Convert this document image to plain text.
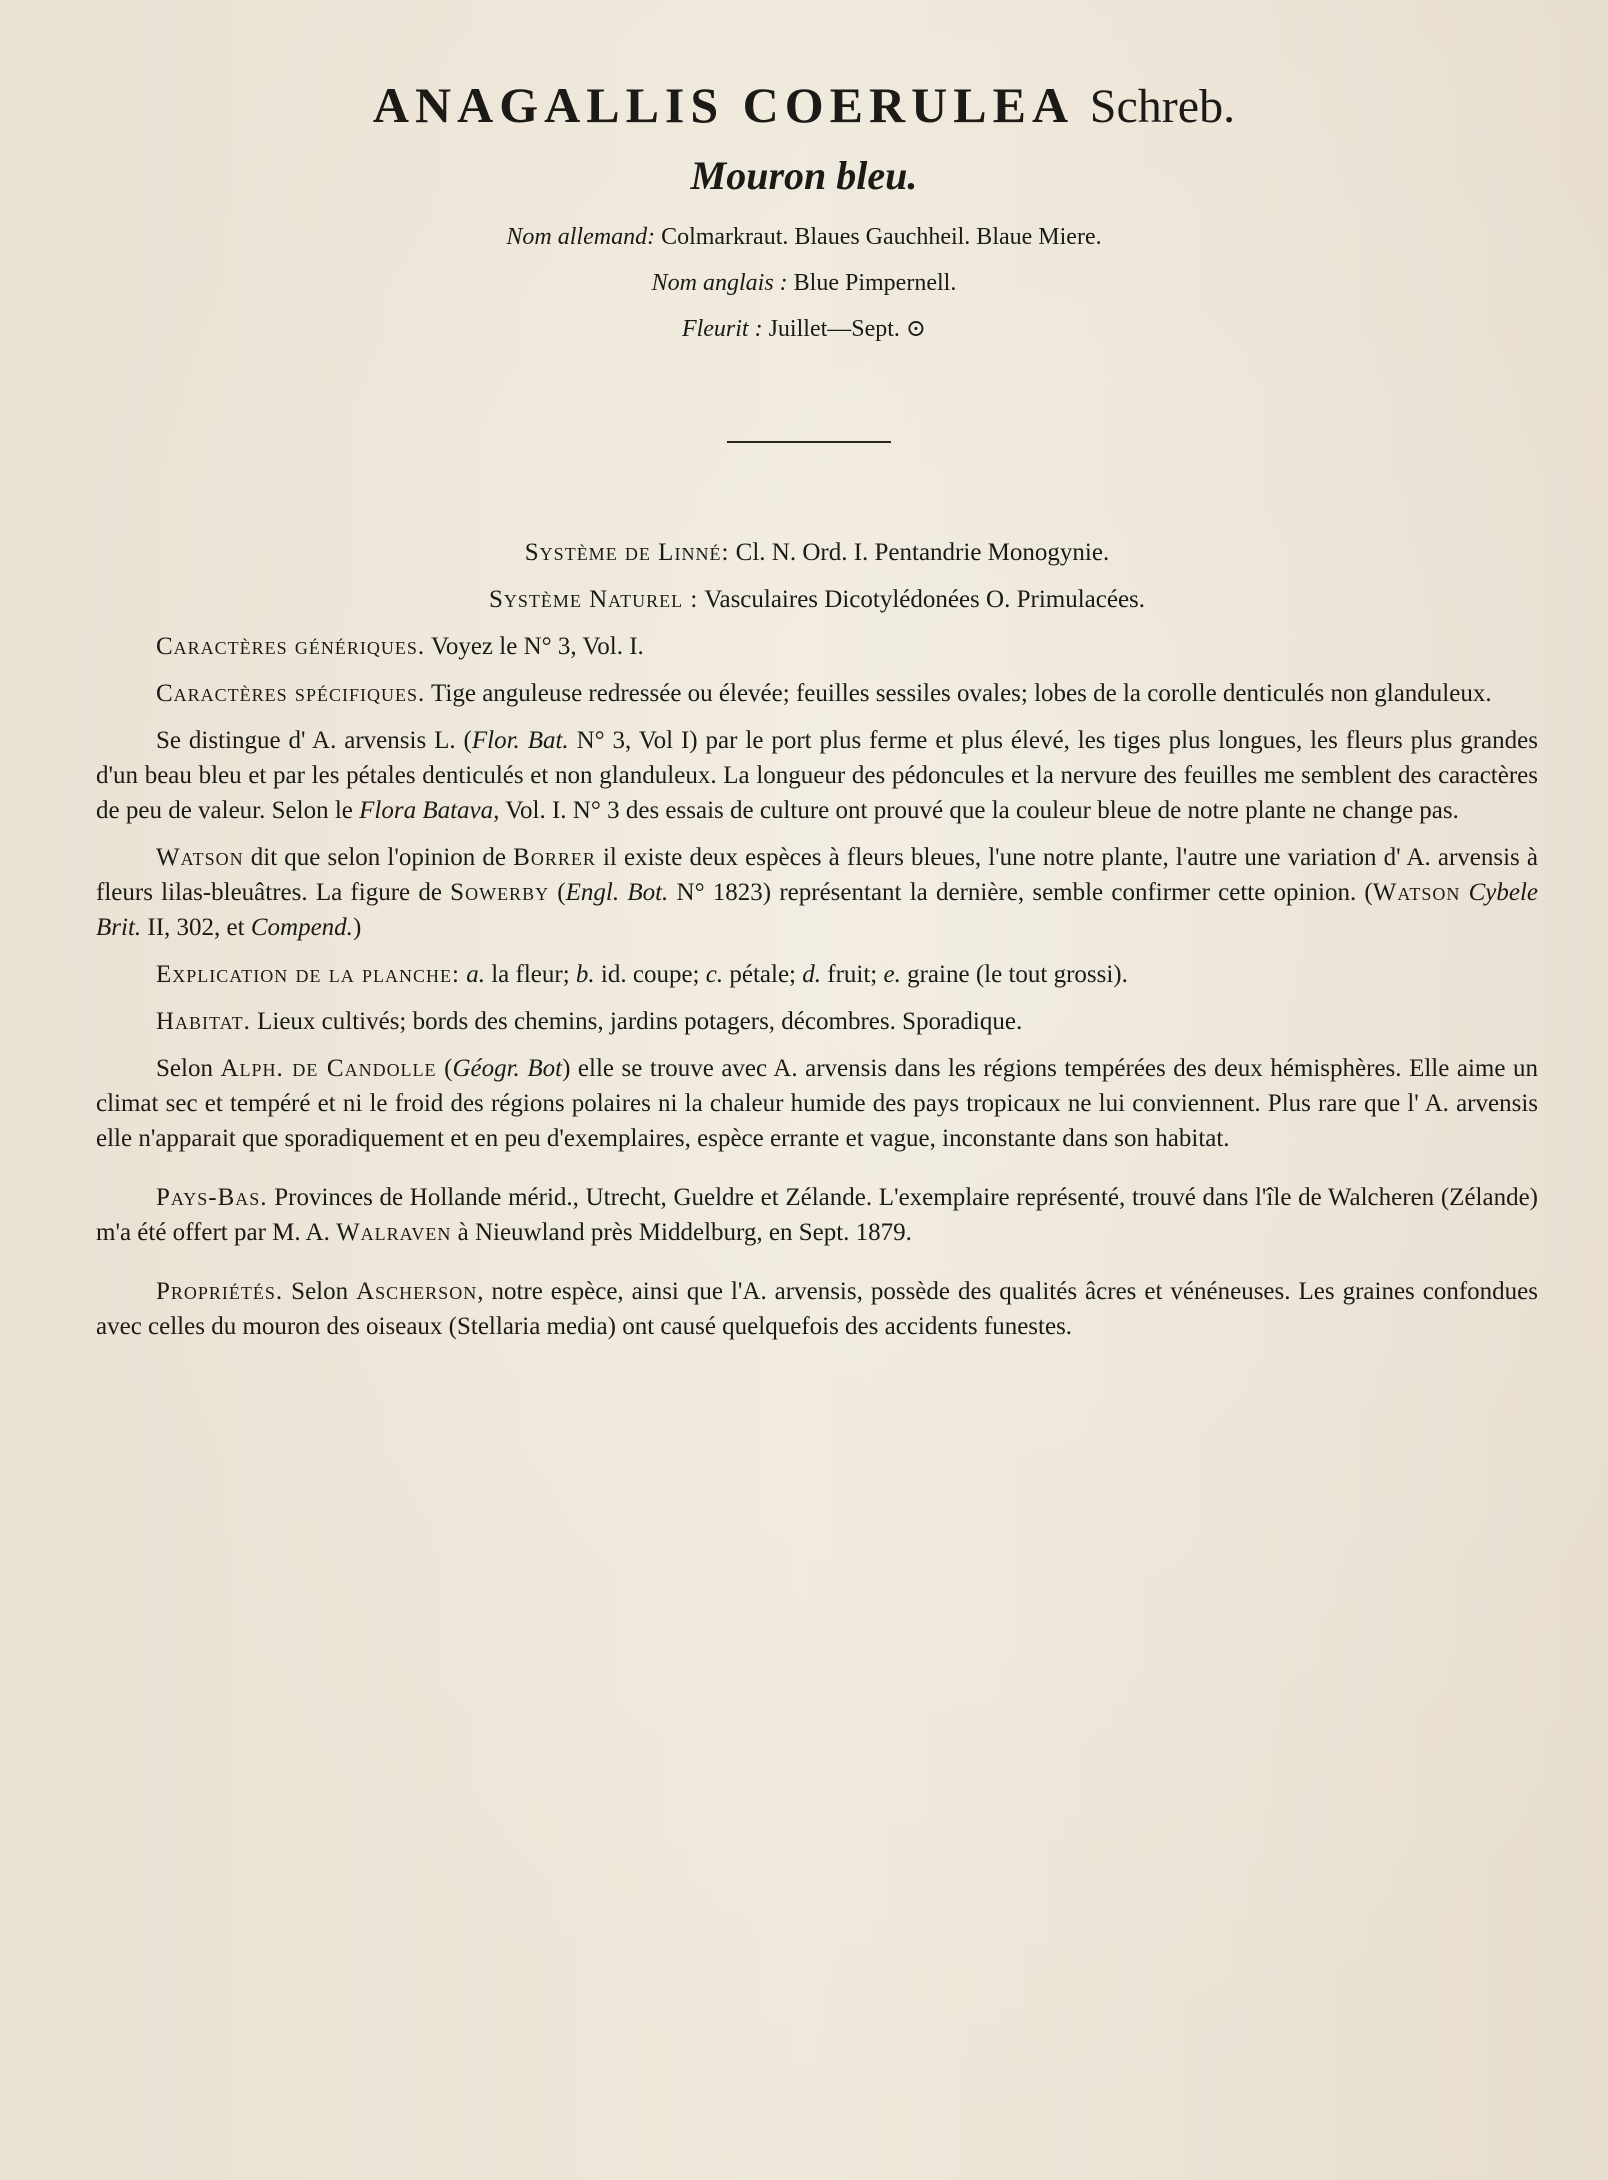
ANAGALLIS COERULEA Schreb.
Mouron bleu.
Nom allemand: Colmarkraut. Blaues Gauchheil. Blaue Miere.
Nom anglais : Blue Pimpernell.
Fleurit : Juillet—Sept. ⊙

Système de Linné: Cl. N. Ord. I. Pentandrie Monogynie.

Système Naturel : Vasculaires Dicotylédonées O. Primulacées.

Caractères génériques. Voyez le N° 3, Vol. I.

Caractères spécifiques. Tige anguleuse redressée ou élevée; feuilles sessiles ovales; lobes de la corolle denticulés non glanduleux.

Se distingue d' A. arvensis L. (Flor. Bat. N° 3, Vol I) par le port plus ferme et plus élevé, les tiges plus longues, les fleurs plus grandes d'un beau bleu et par les pétales denticulés et non glanduleux. La longueur des pédoncules et la nervure des feuilles me semblent des caractères de peu de valeur. Selon le Flora Batava, Vol. I. N° 3 des essais de culture ont prouvé que la couleur bleue de notre plante ne change pas.

Watson dit que selon l'opinion de Borrer il existe deux espèces à fleurs bleues, l'une notre plante, l'autre une variation d' A. arvensis à fleurs lilas-bleuâtres. La figure de Sowerby (Engl. Bot. N° 1823) représentant la dernière, semble confirmer cette opinion. (Watson Cybele Brit. II, 302, et Compend.)

Explication de la planche: a. la fleur; b. id. coupe; c. pétale; d. fruit; e. graine (le tout grossi).

Habitat. Lieux cultivés; bords des chemins, jardins potagers, décombres. Sporadique.

Selon Alph. de Candolle (Géogr. Bot) elle se trouve avec A. arvensis dans les régions tempérées des deux hémisphères. Elle aime un climat sec et tempéré et ni le froid des régions polaires ni la chaleur humide des pays tropicaux ne lui conviennent. Plus rare que l' A. arvensis elle n'apparait que sporadiquement et en peu d'exemplaires, espèce errante et vague, inconstante dans son habitat.

Pays-Bas. Provinces de Hollande mérid., Utrecht, Gueldre et Zélande. L'exemplaire représenté, trouvé dans l'île de Walcheren (Zélande) m'a été offert par M. A. Walraven à Nieuwland près Middelburg, en Sept. 1879.

Propriétés. Selon Ascherson, notre espèce, ainsi que l'A. arvensis, possède des qualités âcres et vénéneuses. Les graines confondues avec celles du mouron des oiseaux (Stellaria media) ont causé quelquefois des accidents funestes.
